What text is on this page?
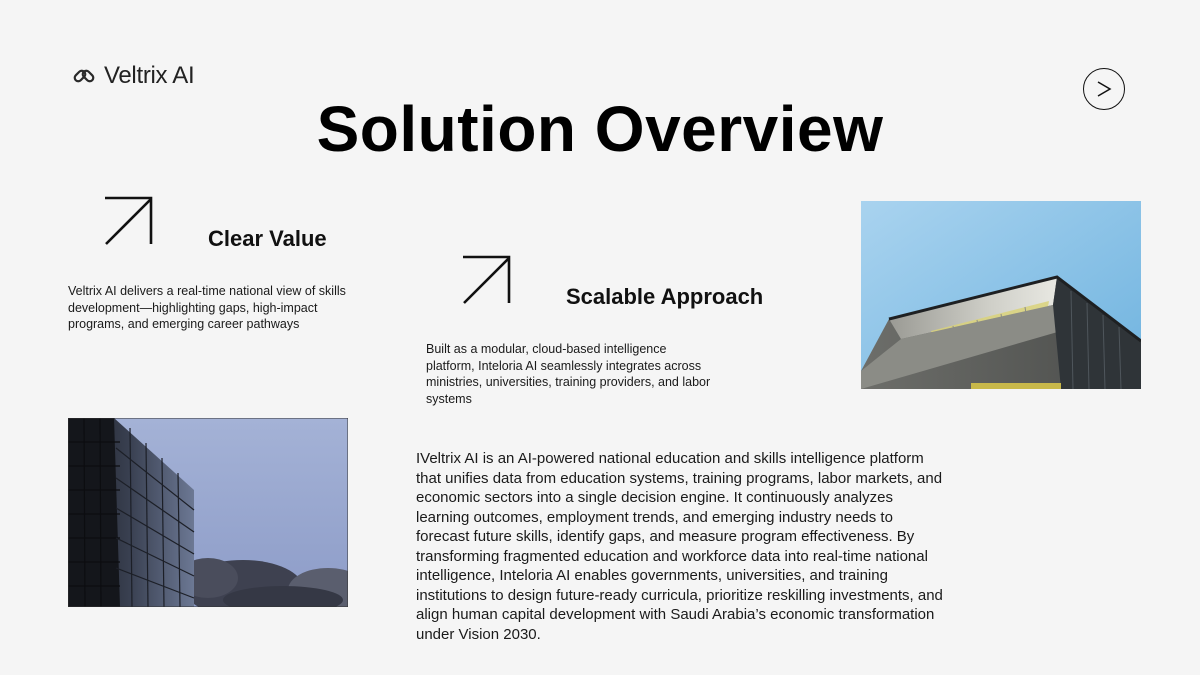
Veltrix AI
Solution Overview
Clear Value

Veltrix AI delivers a real-time national view of skills development—highlighting gaps, high-impact programs, and emerging career pathways

Scalable Approach

Built as a modular, cloud-based intelligence platform, Inteloria AI seamlessly integrates across ministries, universities, training providers, and labor systems

IVeltrix AI is an AI-powered national education and skills intelligence platform that unifies data from education systems, training programs, labor markets, and economic sectors into a single decision engine. It continuously analyzes learning outcomes, employment trends, and emerging industry needs to forecast future skills, identify gaps, and measure program effectiveness. By transforming fragmented education and workforce data into real-time national intelligence, Inteloria AI enables governments, universities, and training institutions to design future-ready curricula, prioritize reskilling investments, and align human capital development with Saudi Arabia’s economic transformation under Vision 2030.
